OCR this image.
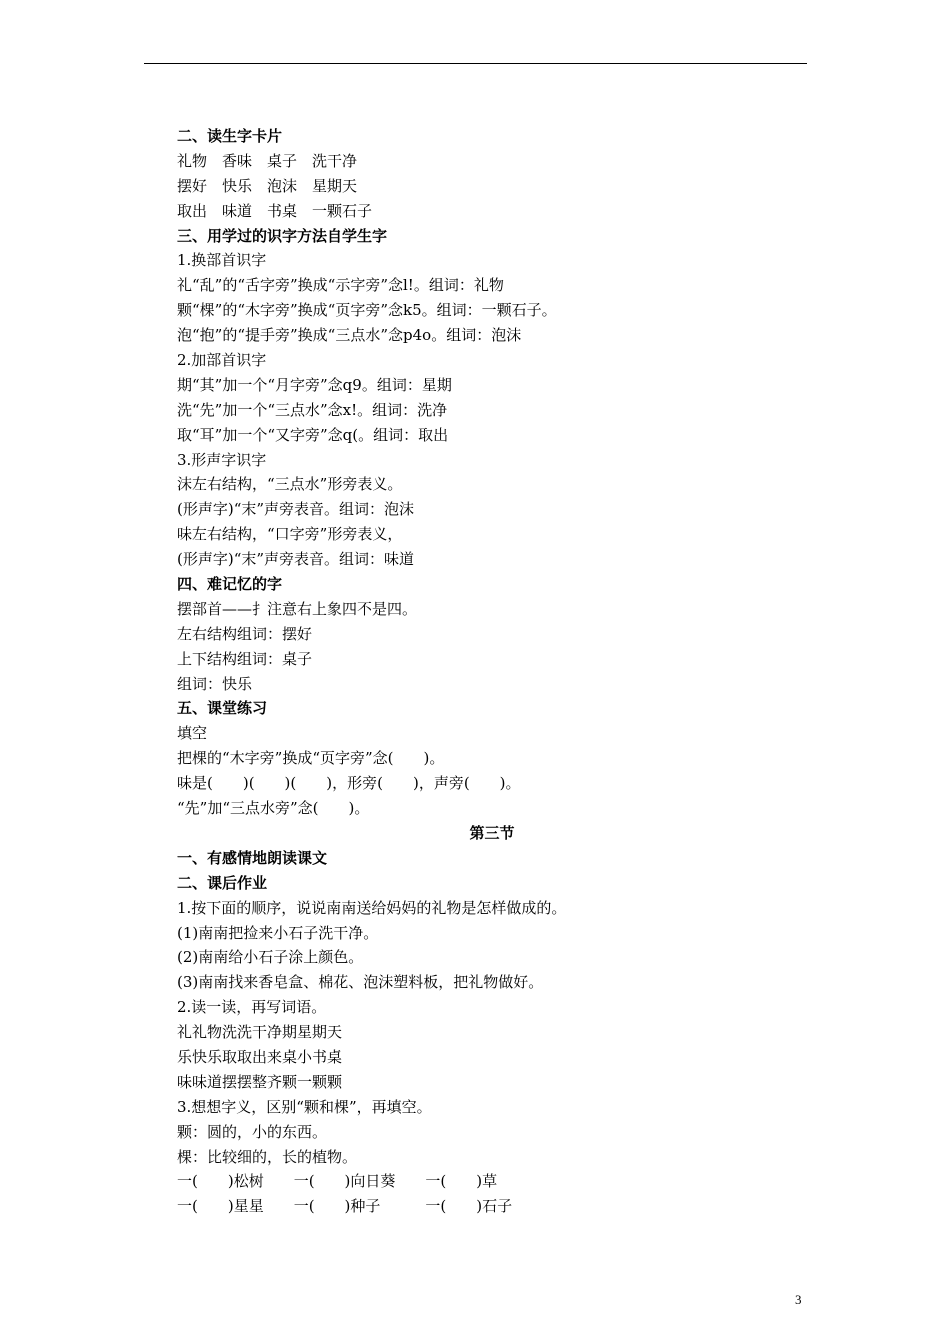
二、读生字卡片
礼物　香味　桌子　洗干净
摆好　快乐　泡沫　星期天
取出　味道　书桌　一颗石子
三、用学过的识字方法自学生字
1.换部首识字
礼“乱”的“舌字旁”换成“示字旁”念l!。组词：礼物
颗“棵”的“木字旁”换成“页字旁”念k5。组词：一颗石子。
泡“抱”的“提手旁”换成“三点水”念p4o。组词：泡沫
2.加部首识字
期“其”加一个“月字旁”念q9。组词：星期
洗“先”加一个“三点水”念x!。组词：洗净
取“耳”加一个“又字旁”念q(。组词：取出
3.形声字识字
沫左右结构，“三点水”形旁表义。
(形声字)“末”声旁表音。组词：泡沫
味左右结构，“口字旁”形旁表义，
(形声字)“末”声旁表音。组词：味道
四、难记忆的字
摆部首——扌注意右上象四不是四。
左右结构组词：摆好
上下结构组词：桌子
组词：快乐
五、课堂练习
填空
把棵的“木字旁”换成“页字旁”念(　　)。
味是(　　)(　　)(　　)，形旁(　　)，声旁(　　)。
“先”加“三点水旁”念(　　)。
第三节
一、有感情地朗读课文
二、课后作业
1.按下面的顺序，说说南南送给妈妈的礼物是怎样做成的。
(1)南南把捡来小石子洗干净。
(2)南南给小石子涂上颜色。
(3)南南找来香皂盒、棉花、泡沫塑料板，把礼物做好。
2.读一读，再写词语。
礼礼物洗洗干净期星期天
乐快乐取取出来桌小书桌
味味道摆摆整齐颗一颗颗
3.想想字义，区别“颗和棵”，再填空。
颗：圆的，小的东西。
棵：比较细的，长的植物。
一(　　)松树　　一(　　)向日葵　　一(　　)草
一(　　)星星　　一(　　)种子　　　一(　　)石子
3
